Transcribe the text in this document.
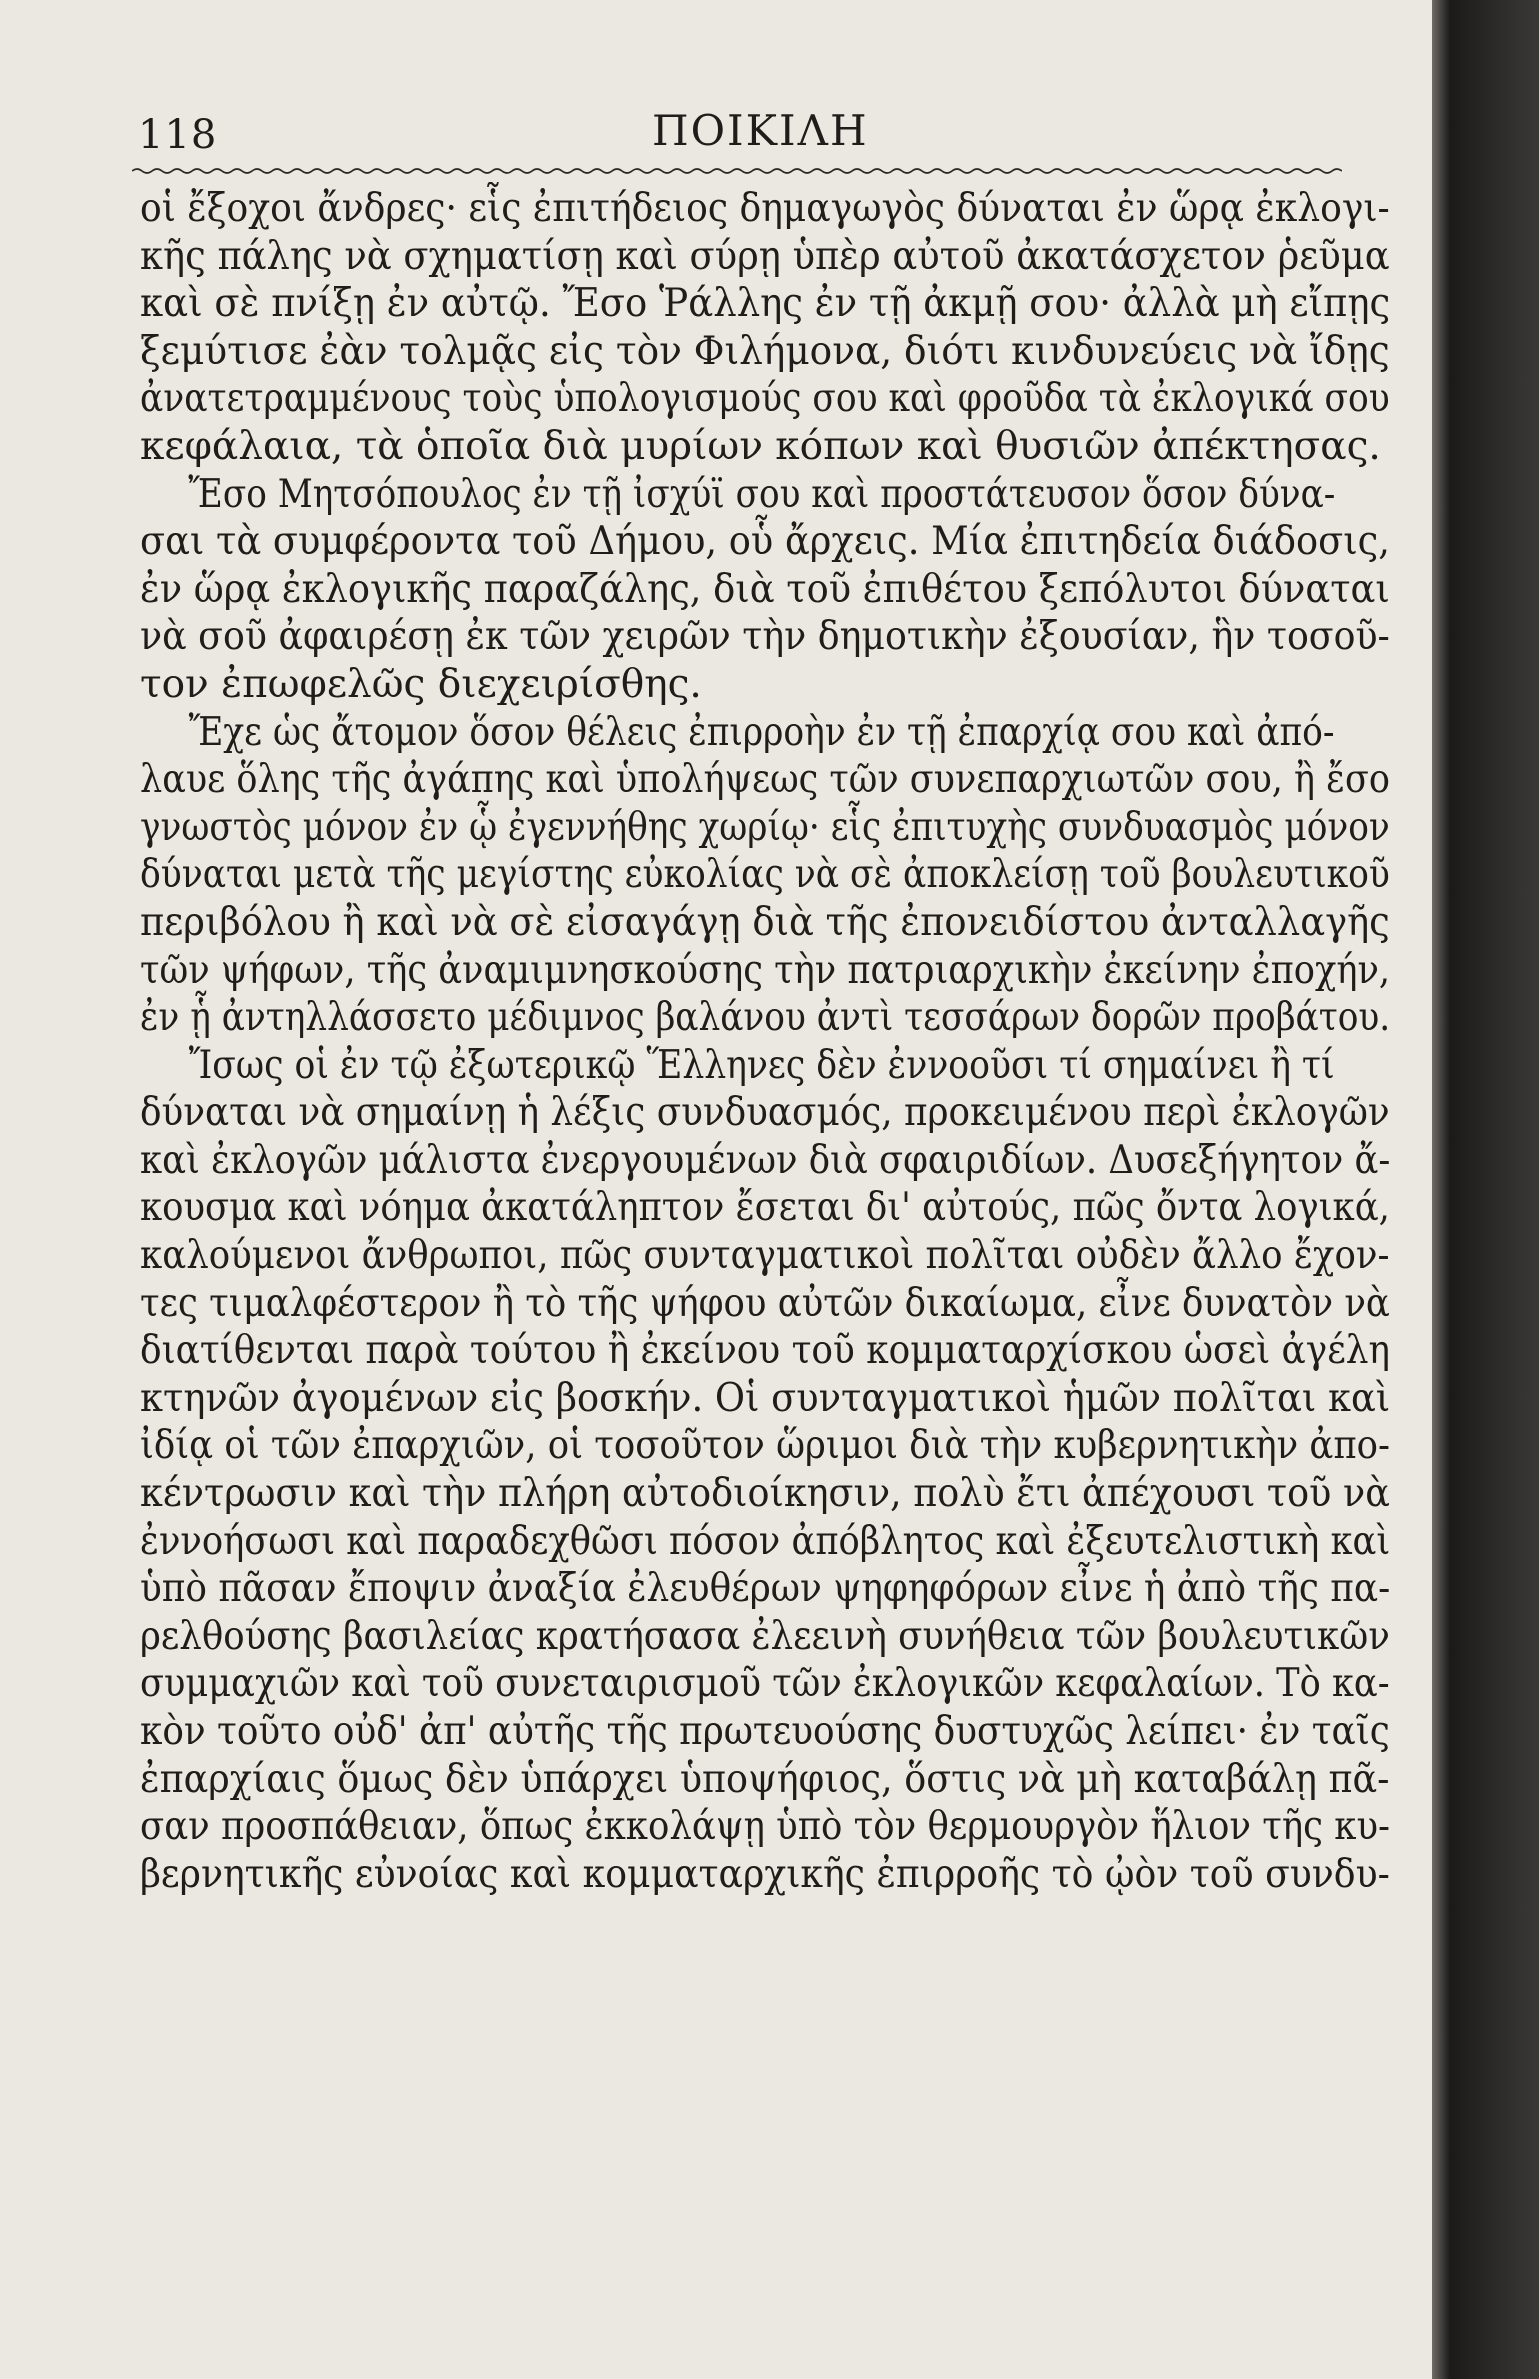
118	ΠΟΙΚΙΛΗ
οἱ ἔξοχοι ἄνδρες· εἷς ἐπιτήδειος δημαγωγὸς δύναται ἐν ὥρᾳ ἐκλογι-
κῆς πάλης νὰ σχηματίσῃ καὶ σύρῃ ὑπὲρ αὐτοῦ ἀκατάσχετον ῥεῦμα
καὶ σὲ πνίξῃ ἐν αὐτῷ. Ἔσο Ῥάλλης ἐν τῇ ἀκμῇ σου· ἀλλὰ μὴ εἴπῃς
ξεμύτισε ἐὰν τολμᾷς εἰς τὸν Φιλήμονα, διότι κινδυνεύεις νὰ ἴδῃς
ἀνατετραμμένους τοὺς ὑπολογισμούς σου καὶ φροῦδα τὰ ἐκλογικά σου
κεφάλαια, τὰ ὁποῖα διὰ μυρίων κόπων καὶ θυσιῶν ἀπέκτησας.
Ἔσο Μητσόπουλος ἐν τῇ ἰσχύϊ σου καὶ προστάτευσον ὅσον δύνα-
σαι τὰ συμφέροντα τοῦ Δήμου, οὗ ἄρχεις. Μία ἐπιτηδεία διάδοσις,
ἐν ὥρᾳ ἐκλογικῆς παραζάλης, διὰ τοῦ ἐπιθέτου ξεπόλυτοι δύναται
νὰ σοῦ ἀφαιρέσῃ ἐκ τῶν χειρῶν τὴν δημοτικὴν ἐξουσίαν, ἣν τοσοῦ-
τον ἐπωφελῶς διεχειρίσθης.
Ἔχε ὡς ἄτομον ὅσον θέλεις ἐπιρροὴν ἐν τῇ ἐπαρχίᾳ σου καὶ ἀπό-
λαυε ὅλης τῆς ἀγάπης καὶ ὑπολήψεως τῶν συνεπαρχιωτῶν σου, ἢ ἔσο
γνωστὸς μόνον ἐν ᾧ ἐγεννήθης χωρίῳ· εἷς ἐπιτυχὴς συνδυασμὸς μόνον
δύναται μετὰ τῆς μεγίστης εὐκολίας νὰ σὲ ἀποκλείσῃ τοῦ βουλευτικοῦ
περιβόλου ἢ καὶ νὰ σὲ εἰσαγάγῃ διὰ τῆς ἐπονειδίστου ἀνταλλαγῆς
τῶν ψήφων, τῆς ἀναμιμνησκούσης τὴν πατριαρχικὴν ἐκείνην ἐποχήν,
ἐν ᾗ ἀντηλλάσσετο μέδιμνος βαλάνου ἀντὶ τεσσάρων δορῶν προβάτου.
Ἴσως οἱ ἐν τῷ ἐξωτερικῷ Ἕλληνες δὲν ἐννοοῦσι τί σημαίνει ἢ τί
δύναται νὰ σημαίνῃ ἡ λέξις συνδυασμός, προκειμένου περὶ ἐκλογῶν
καὶ ἐκλογῶν μάλιστα ἐνεργουμένων διὰ σφαιριδίων. Δυσεξήγητον ἄ-
κουσμα καὶ νόημα ἀκατάληπτον ἔσεται δι' αὐτούς, πῶς ὄντα λογικά,
καλούμενοι ἄνθρωποι, πῶς συνταγματικοὶ πολῖται οὐδὲν ἄλλο ἔχον-
τες τιμαλφέστερον ἢ τὸ τῆς ψήφου αὐτῶν δικαίωμα, εἶνε δυνατὸν νὰ
διατίθενται παρὰ τούτου ἢ ἐκείνου τοῦ κομματαρχίσκου ὡσεὶ ἀγέλη
κτηνῶν ἀγομένων εἰς βοσκήν. Οἱ συνταγματικοὶ ἡμῶν πολῖται καὶ
ἰδίᾳ οἱ τῶν ἐπαρχιῶν, οἱ τοσοῦτον ὥριμοι διὰ τὴν κυβερνητικὴν ἀπο-
κέντρωσιν καὶ τὴν πλήρη αὐτοδιοίκησιν, πολὺ ἔτι ἀπέχουσι τοῦ νὰ
ἐννοήσωσι καὶ παραδεχθῶσι πόσον ἀπόβλητος καὶ ἐξευτελιστικὴ καὶ
ὑπὸ πᾶσαν ἔποψιν ἀναξία ἐλευθέρων ψηφηφόρων εἶνε ἡ ἀπὸ τῆς πα-
ρελθούσης βασιλείας κρατήσασα ἐλεεινὴ συνήθεια τῶν βουλευτικῶν
συμμαχιῶν καὶ τοῦ συνεταιρισμοῦ τῶν ἐκλογικῶν κεφαλαίων. Τὸ κα-
κὸν τοῦτο οὐδ' ἀπ' αὐτῆς τῆς πρωτευούσης δυστυχῶς λείπει· ἐν ταῖς
ἐπαρχίαις ὅμως δὲν ὑπάρχει ὑποψήφιος, ὅστις νὰ μὴ καταβάλῃ πᾶ-
σαν προσπάθειαν, ὅπως ἐκκολάψῃ ὑπὸ τὸν θερμουργὸν ἥλιον τῆς κυ-
βερνητικῆς εὐνοίας καὶ κομματαρχικῆς ἐπιρροῆς τὸ ᾠὸν τοῦ συνδυ-
